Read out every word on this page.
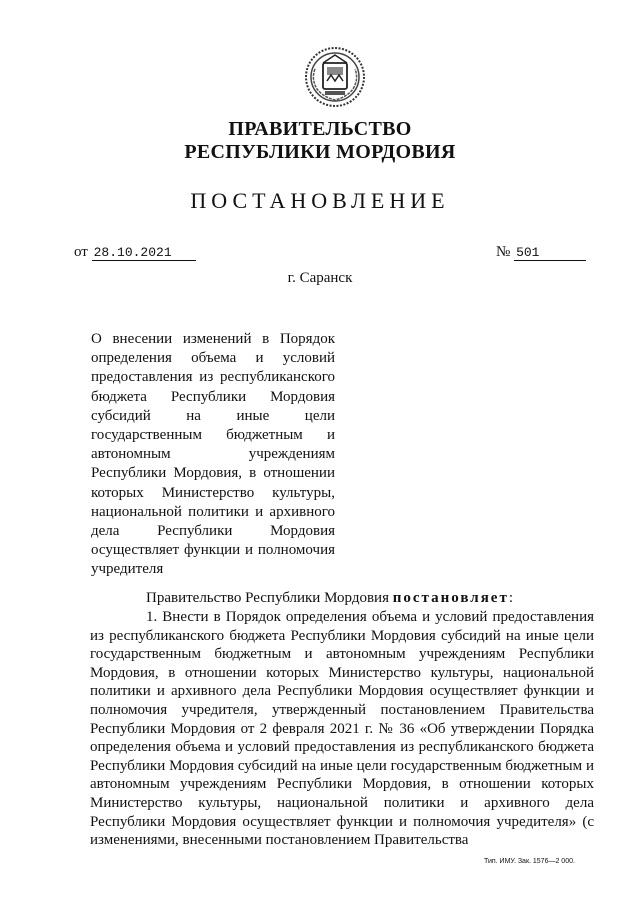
ПРАВИТЕЛЬСТВО
РЕСПУБЛИКИ МОРДОВИЯ
ПОСТАНОВЛЕНИЕ
от 28.10.2021	№ 501
г. Саранск
О внесении изменений в Порядок определения объема и условий предоставления из республиканского бюджета Республики Мордовия субсидий на иные цели государственным бюджетным и автономным учреждениям Республики Мордовия, в отношении которых Министерство культуры, национальной политики и архивного дела Республики Мордовия осуществляет функции и полномочия учредителя
Правительство Республики Мордовия постановляет:
1. Внести в Порядок определения объема и условий предоставления из республиканского бюджета Республики Мордовия субсидий на иные цели государственным бюджетным и автономным учреждениям Республики Мордовия, в отношении которых Министерство культуры, национальной политики и архивного дела Республики Мордовия осуществляет функции и полномочия учредителя, утвержденный постановлением Правительства Республики Мордовия от 2 февраля 2021 г. № 36 «Об утверждении Порядка определения объема и условий предоставления из республиканского бюджета Республики Мордовия субсидий на иные цели государственным бюджетным и автономным учреждениям Республики Мордовия, в отношении которых Министерство культуры, национальной политики и архивного дела Республики Мордовия осуществляет функции и полномочия учредителя» (с изменениями, внесенными постановлением Правительства
Тип. ИМУ. Зак. 1576—2 000.
